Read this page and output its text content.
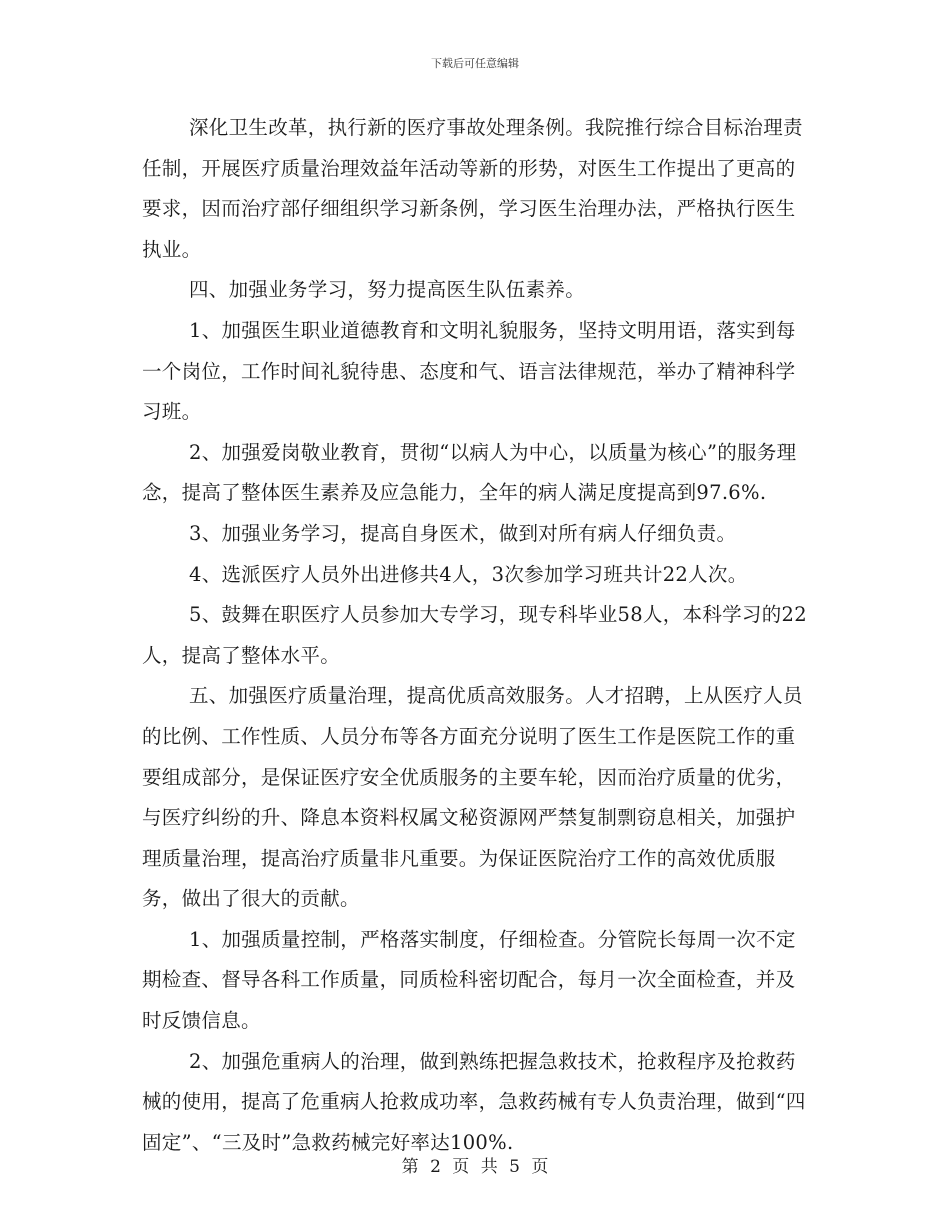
下载后可任意编辑

深化卫生改革，执行新的医疗事故处理条例。我院推行综合目标治理责任制，开展医疗质量治理效益年活动等新的形势，对医生工作提出了更高的要求，因而治疗部仔细组织学习新条例，学习医生治理办法，严格执行医生执业。

四、加强业务学习，努力提高医生队伍素养。

1、加强医生职业道德教育和文明礼貌服务，坚持文明用语，落实到每一个岗位，工作时间礼貌待患、态度和气、语言法律规范，举办了精神科学习班。

2、加强爱岗敬业教育，贯彻“以病人为中心，以质量为核心”的服务理念，提高了整体医生素养及应急能力，全年的病人满足度提高到97.6%.

3、加强业务学习，提高自身医术，做到对所有病人仔细负责。

4、选派医疗人员外出进修共4人，3次参加学习班共计22人次。

5、鼓舞在职医疗人员参加大专学习，现专科毕业58人，本科学习的22人，提高了整体水平。

五、加强医疗质量治理，提高优质高效服务。人才招聘，上从医疗人员的比例、工作性质、人员分布等各方面充分说明了医生工作是医院工作的重要组成部分，是保证医疗安全优质服务的主要车轮，因而治疗质量的优劣，与医疗纠纷的升、降息本资料权属文秘资源网严禁复制剽窃息相关，加强护理质量治理，提高治疗质量非凡重要。为保证医院治疗工作的高效优质服务，做出了很大的贡献。

1、加强质量控制，严格落实制度，仔细检查。分管院长每周一次不定期检查、督导各科工作质量，同质检科密切配合，每月一次全面检查，并及时反馈信息。

2、加强危重病人的治理，做到熟练把握急救技术，抢救程序及抢救药械的使用，提高了危重病人抢救成功率，急救药械有专人负责治理，做到“四固定”、“三及时”急救药械完好率达100%.

第 2 页 共 5 页
